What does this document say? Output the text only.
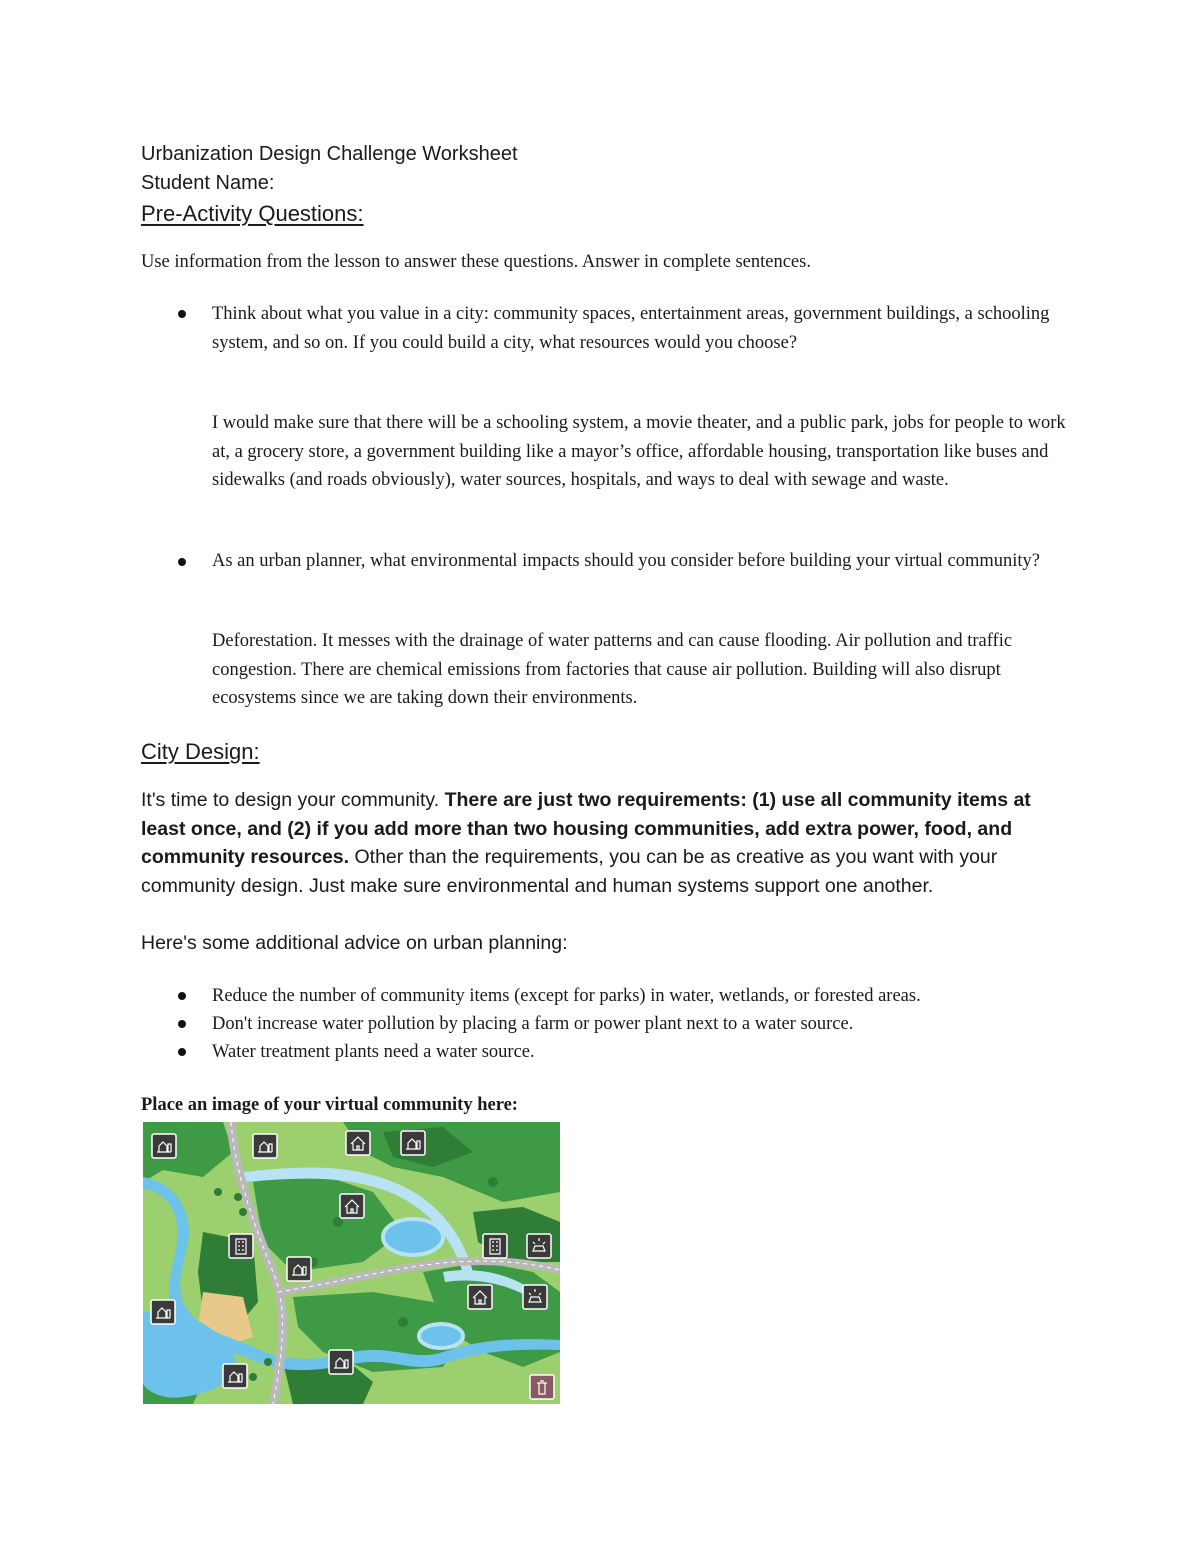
Urbanization Design Challenge Worksheet
Student Name:
Pre-Activity Questions:
Use information from the lesson to answer these questions. Answer in complete sentences.
Think about what you value in a city: community spaces, entertainment areas, government buildings, a schooling system, and so on. If you could build a city, what resources would you choose?
I would make sure that there will be a schooling system, a movie theater, and a public park, jobs for people to work at, a grocery store, a government building like a mayor’s office, affordable housing, transportation like buses and sidewalks (and roads obviously), water sources, hospitals, and ways to deal with sewage and waste.
As an urban planner, what environmental impacts should you consider before building your virtual community?
Deforestation. It messes with the drainage of water patterns and can cause flooding. Air pollution and traffic congestion. There are chemical emissions from factories that cause air pollution. Building will also disrupt ecosystems since we are taking down their environments.
City Design:
It's time to design your community. There are just two requirements: (1) use all community items at least once, and (2) if you add more than two housing communities, add extra power, food, and community resources. Other than the requirements, you can be as creative as you want with your community design. Just make sure environmental and human systems support one another.
Here's some additional advice on urban planning:
Reduce the number of community items (except for parks) in water, wetlands, or forested areas.
Don't increase water pollution by placing a farm or power plant next to a water source.
Water treatment plants need a water source.
Place an image of your virtual community here:
